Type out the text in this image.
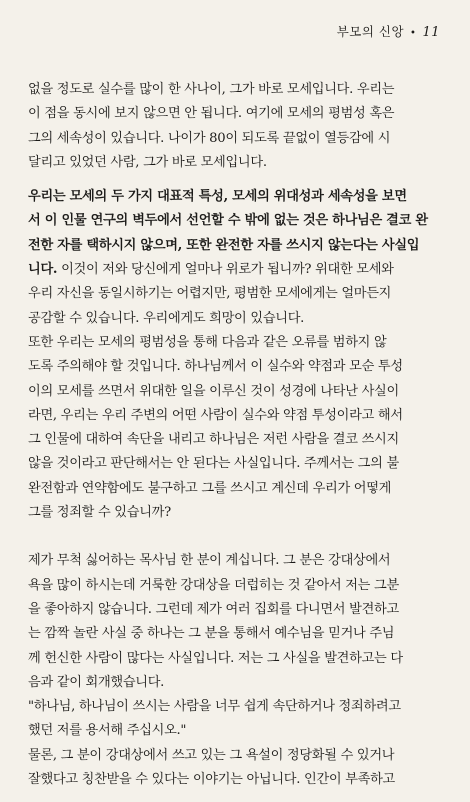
부모의 신앙 • 11
없을 정도로 실수를 많이 한 사나이, 그가 바로 모세입니다. 우리는
이 점을 동시에 보지 않으면 안 됩니다. 여기에 모세의 평범성 혹은
그의 세속성이 있습니다. 나이가 80이 되도록 끝없이 열등감에 시
달리고 있었던 사람, 그가 바로 모세입니다.
우리는 모세의 두 가지 대표적 특성, 모세의 위대성과 세속성을 보면
서 이 인물 연구의 벽두에서 선언할 수 밖에 없는 것은 하나님은 결코 완
전한 자를 택하시지 않으며, 또한 완전한 자를 쓰시지 않는다는 사실입
니다. 이것이 저와 당신에게 얼마나 위로가 됩니까? 위대한 모세와
우리 자신을 동일시하기는 어렵지만, 평범한 모세에게는 얼마든지
공감할 수 있습니다. 우리에게도 희망이 있습니다.
또한 우리는 모세의 평범성을 통해 다음과 같은 오류를 범하지 않
도록 주의해야 할 것입니다. 하나님께서 이 실수와 약점과 모순 투성
이의 모세를 쓰면서 위대한 일을 이루신 것이 성경에 나타난 사실이
라면, 우리는 우리 주변의 어떤 사람이 실수와 약점 투성이라고 해서
그 인물에 대하여 속단을 내리고 하나님은 저런 사람을 결코 쓰시지
않을 것이라고 판단해서는 안 된다는 사실입니다. 주께서는 그의 불
완전함과 연약함에도 불구하고 그를 쓰시고 계신데 우리가 어떻게
그를 정죄할 수 있습니까?
제가 무척 싫어하는 목사님 한 분이 계십니다. 그 분은 강대상에서
욕을 많이 하시는데 거룩한 강대상을 더럽히는 것 같아서 저는 그분
을 좋아하지 않습니다. 그런데 제가 여러 집회를 다니면서 발견하고
는 깜짝 놀란 사실 중 하나는 그 분을 통해서 예수님을 믿거나 주님
께 헌신한 사람이 많다는 사실입니다. 저는 그 사실을 발견하고는 다
음과 같이 회개했습니다.
"하나님, 하나님이 쓰시는 사람을 너무 쉽게 속단하거나 정죄하려고
했던 저를 용서해 주십시오."
물론, 그 분이 강대상에서 쓰고 있는 그 욕설이 정당화될 수 있거나
잘했다고 칭찬받을 수 있다는 이야기는 아닙니다. 인간이 부족하고
